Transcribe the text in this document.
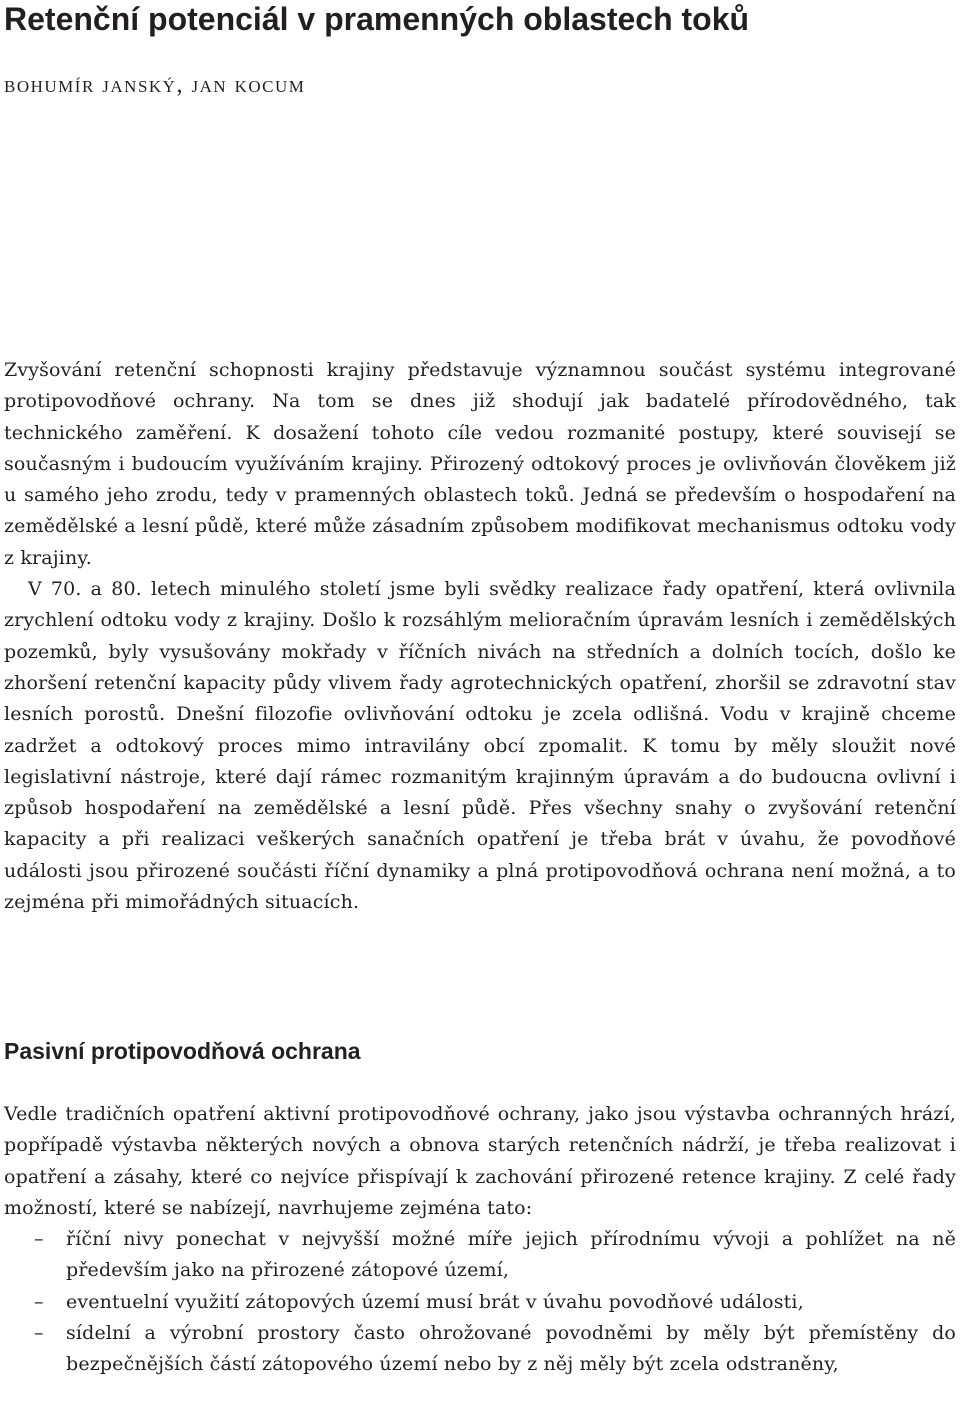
Retenční potenciál v pramenných oblastech toků

bohumír janský, jan kocum

Zvyšování retenční schopnosti krajiny představuje významnou součást systému integrované protipovodňové ochrany. Na tom se dnes již shodují jak badatelé přírodovědného, tak technického zaměření. K dosažení tohoto cíle vedou rozmanité postupy, které souvisejí se současným i budoucím využíváním krajiny. Přirozený odtokový proces je ovlivňován člověkem již u samého jeho zrodu, tedy v pramenných oblastech toků. Jedná se především o hospodaření na zemědělské a lesní půdě, které může zásadním způsobem modifikovat mechanismus odtoku vody z krajiny.

V 70. a 80. letech minulého století jsme byli svědky realizace řady opatření, která ovlivnila zrychlení odtoku vody z krajiny. Došlo k rozsáhlým melioračním úpravám lesních i zemědělských pozemků, byly vysušovány mokřady v říčních nivách na středních a dolních tocích, došlo ke zhoršení retenční kapacity půdy vlivem řady agrotechnických opatření, zhoršil se zdravotní stav lesních porostů. Dnešní filozofie ovlivňování odtoku je zcela odlišná. Vodu v krajině chceme zadržet a odtokový proces mimo intravilány obcí zpomalit. K tomu by měly sloužit nové legislativní nástroje, které dají rámec rozmanitým krajinným úpravám a do budoucna ovlivní i způsob hospodaření na zemědělské a lesní půdě. Přes všechny snahy o zvyšování retenční kapacity a při realizaci veškerých sanačních opatření je třeba brát v úvahu, že povodňové události jsou přirozené součásti říční dynamiky a plná protipovodňová ochrana není možná, a to zejména při mimořádných situacích.

Pasivní protipovodňová ochrana

Vedle tradičních opatření aktivní protipovodňové ochrany, jako jsou výstavba ochranných hrází, popřípadě výstavba některých nových a obnova starých retenčních nádrží, je třeba realizovat i opatření a zásahy, které co nejvíce přispívají k zachování přirozené retence krajiny. Z celé řady možností, které se nabízejí, navrhujeme zejména tato:

– říční nivy ponechat v nejvyšší možné míře jejich přírodnímu vývoji a pohlížet na ně především jako na přirozené zátopové území,
– eventuelní využití zátopových území musí brát v úvahu povodňové události,
– sídelní a výrobní prostory často ohrožované povodněmi by měly být přemístěny do bezpečnějších částí zátopového území nebo by z něj měly být zcela odstraněny,
